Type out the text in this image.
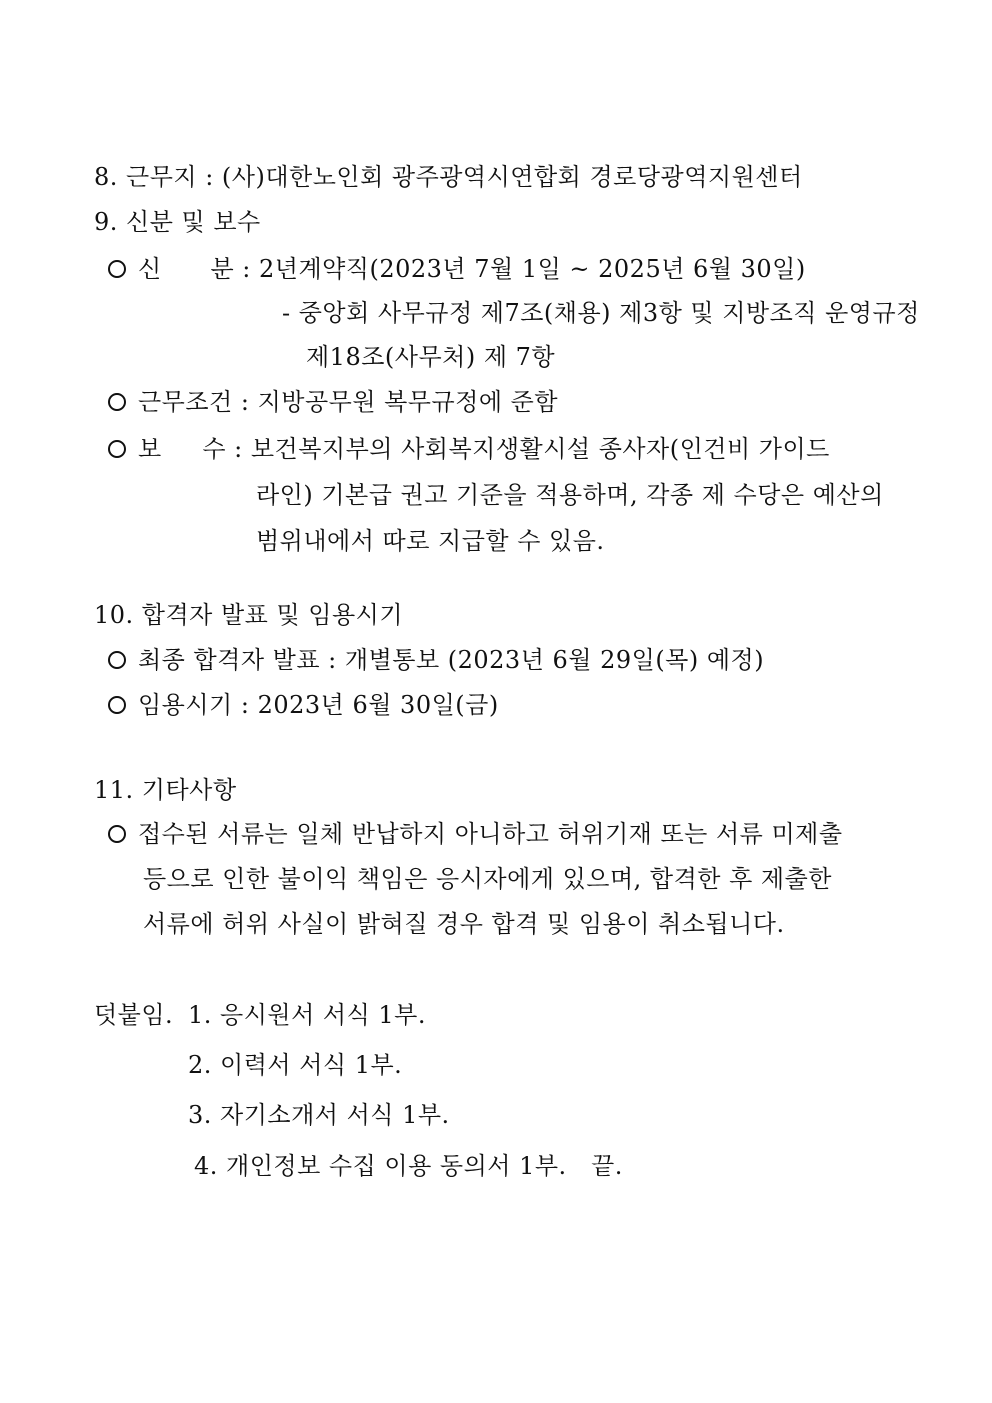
8. 근무지 : (사)대한노인회 광주광역시연합회 경로당광역지원센터
9. 신분 및 보수
신      분 : 2년계약직(2023년 7월 1일 ~ 2025년 6월 30일)
- 중앙회 사무규정 제7조(채용) 제3항 및 지방조직 운영규정
제18조(사무처) 제 7항
근무조건 : 지방공무원 복무규정에 준함
보     수 : 보건복지부의 사회복지생활시설 종사자(인건비 가이드
라인) 기본급 권고 기준을 적용하며, 각종 제 수당은 예산의
범위내에서 따로 지급할 수 있음.
10. 합격자 발표 및 임용시기
최종 합격자 발표 : 개별통보 (2023년 6월 29일(목) 예정)
임용시기 : 2023년 6월 30일(금)
11. 기타사항
접수된 서류는 일체 반납하지 아니하고 허위기재 또는 서류 미제출
등으로 인한 불이익 책임은 응시자에게 있으며, 합격한 후 제출한
서류에 허위 사실이 밝혀질 경우 합격 및 임용이 취소됩니다.
덧붙임. 1. 응시원서 서식 1부.
2. 이력서 서식 1부.
3. 자기소개서 서식 1부.
4. 개인정보 수집 이용 동의서 1부.   끝.
